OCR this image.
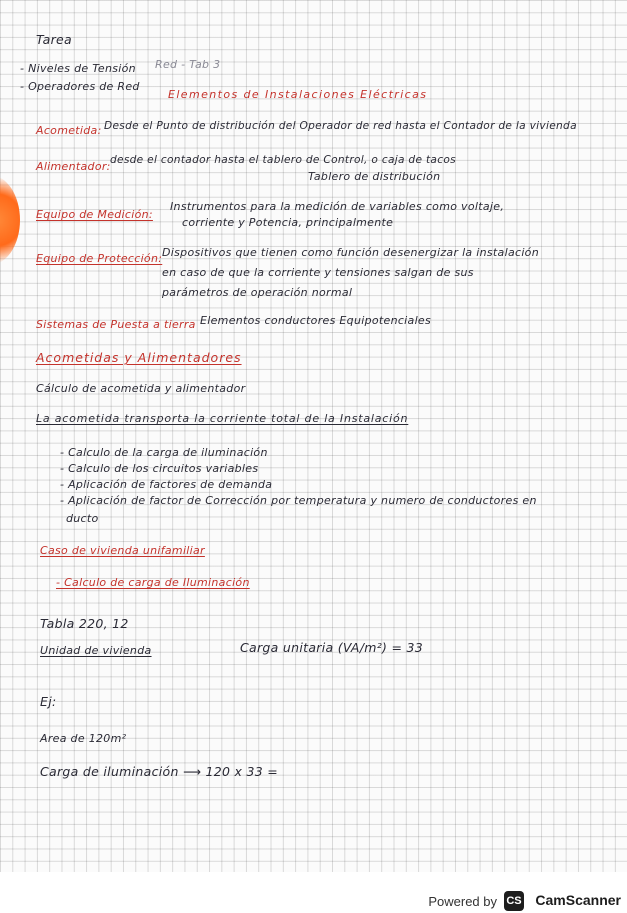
Tarea
- Niveles de Tensión Red - Tab 3
- Operadores de Red
Elementos de Instalaciones Eléctricas
Acometida: Desde el Punto de distribución del Operador de red hasta el Contador de la vivienda
Alimentador: desde el contador hasta el tablero de Control, o caja de tacos
Tablero de distribución
Equipo de Medición:
Instrumentos para la medición de variables como voltaje,
corriente y Potencia, principalmente
Equipo de Protección: Dispositivos que tienen como función desenergizar la instalación
en caso de que la corriente y tensiones salgan de sus
parámetros de operación normal
Sistemas de Puesta a tierra Elementos conductores Equipotenciales
Acometidas y Alimentadores
Cálculo de acometida y alimentador
La acometida transporta la corriente total de la Instalación
- Calculo de la carga de iluminación
- Calculo de los circuitos variables
- Aplicación de factores de demanda
- Aplicación de factor de Corrección por temperatura y numero de conductores en
ducto
Caso de vivienda unifamiliar
- Calculo de carga de Iluminación
Tabla 220, 12
Unidad de vivienda	Carga unitaria (VA/m²) = 33
Ej:
Area de 120m²
Carga de iluminación ⟶ 120 x 33 =
Powered by CS CamScanner
